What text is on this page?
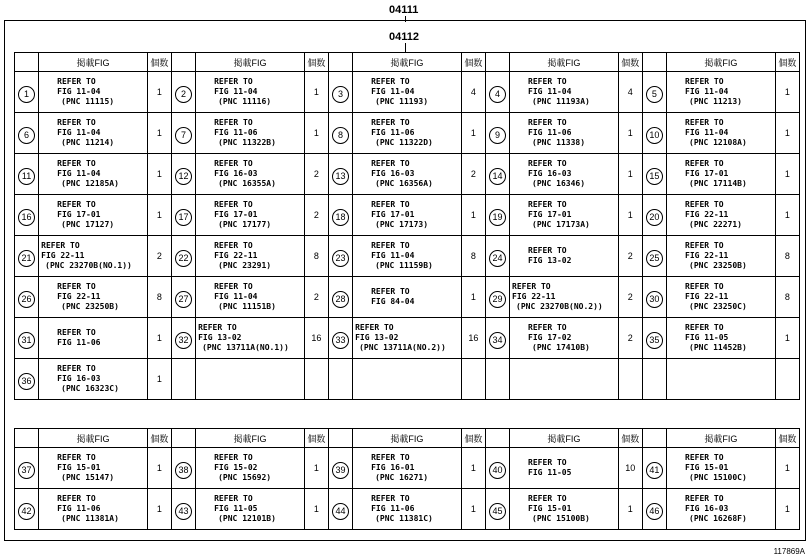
04111
04112
	掲載FIG	個数		掲載FIG	個数		掲載FIG	個数		掲載FIG	個数		掲載FIG	個数
1	REFER TO
FIG 11-04
(PNC 11115)	1	2	REFER TO
FIG 11-04
(PNC 11116)	1	3	REFER TO
FIG 11-04
(PNC 11193)	4	4	REFER TO
FIG 11-04
(PNC 11193A)	4	5	REFER TO
FIG 11-04
(PNC 11213)	1
6	REFER TO
FIG 11-04
(PNC 11214)	1	7	REFER TO
FIG 11-06
(PNC 11322B)	1	8	REFER TO
FIG 11-06
(PNC 11322D)	1	9	REFER TO
FIG 11-06
(PNC 11338)	1	10	REFER TO
FIG 11-04
(PNC 12108A)	1
11	REFER TO
FIG 11-04
(PNC 12185A)	1	12	REFER TO
FIG 16-03
(PNC 16355A)	2	13	REFER TO
FIG 16-03
(PNC 16356A)	2	14	REFER TO
FIG 16-03
(PNC 16346)	1	15	REFER TO
FIG 17-01
(PNC 17114B)	1
16	REFER TO
FIG 17-01
(PNC 17127)	1	17	REFER TO
FIG 17-01
(PNC 17177)	2	18	REFER TO
FIG 17-01
(PNC 17173)	1	19	REFER TO
FIG 17-01
(PNC 17173A)	1	20	REFER TO
FIG 22-11
(PNC 22271)	1
21	REFER TO
FIG 22-11
(PNC 23270B(NO.1))	2	22	REFER TO
FIG 22-11
(PNC 23291)	8	23	REFER TO
FIG 11-04
(PNC 11159B)	8	24	REFER TO
FIG 13-02	2	25	REFER TO
FIG 22-11
(PNC 23250B)	8
26	REFER TO
FIG 22-11
(PNC 23250B)	8	27	REFER TO
FIG 11-04
(PNC 11151B)	2	28	REFER TO
FIG 84-04	1	29	REFER TO
FIG 22-11
(PNC 23270B(NO.2))	2	30	REFER TO
FIG 22-11
(PNC 23250C)	8
31	REFER TO
FIG 11-06	1	32	REFER TO
FIG 13-02
(PNC 13711A(NO.1))	16	33	REFER TO
FIG 13-02
(PNC 13711A(NO.2))	16	34	REFER TO
FIG 17-02
(PNC 17410B)	2	35	REFER TO
FIG 11-05
(PNC 11452B)	1
36	REFER TO
FIG 16-03
(PNC 16323C)	1												
	掲載FIG	個数		掲載FIG	個数		掲載FIG	個数		掲載FIG	個数		掲載FIG	個数
37	REFER TO
FIG 15-01
(PNC 15147)	1	38	REFER TO
FIG 15-02
(PNC 15692)	1	39	REFER TO
FIG 16-01
(PNC 16271)	1	40	REFER TO
FIG 11-05	10	41	REFER TO
FIG 15-01
(PNC 15100C)	1
42	REFER TO
FIG 11-06
(PNC 11381A)	1	43	REFER TO
FIG 11-05
(PNC 12101B)	1	44	REFER TO
FIG 11-06
(PNC 11381C)	1	45	REFER TO
FIG 15-01
(PNC 15100B)	1	46	REFER TO
FIG 16-03
(PNC 16268F)	1
117869A
